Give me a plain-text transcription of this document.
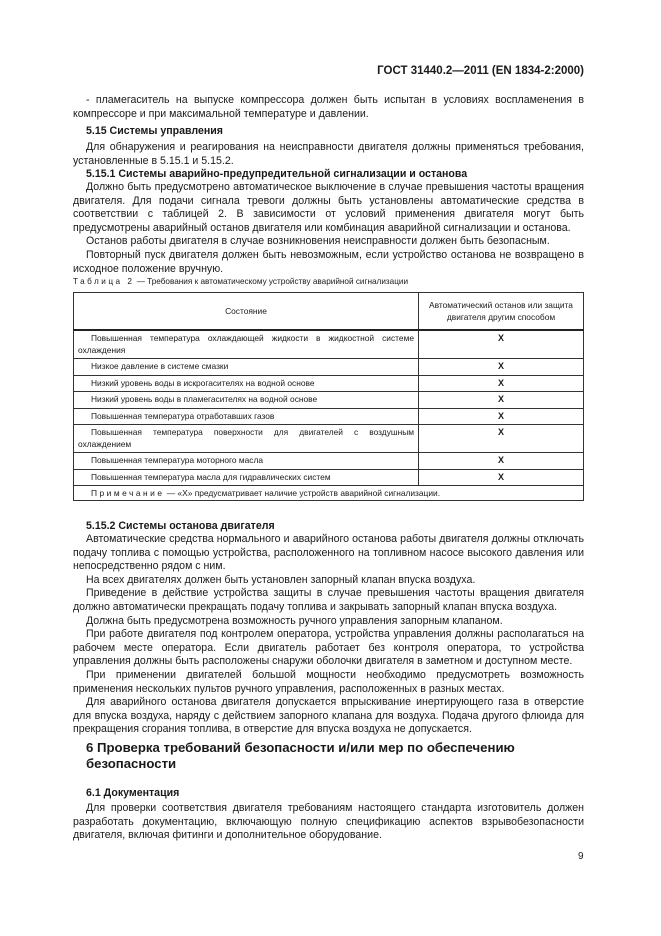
ГОСТ 31440.2—2011 (EN 1834-2:2000)

- пламегаситель на выпуске компрессора должен быть испытан в условиях воспламенения в компрессоре и при максимальной температуре и давлении.

5.15 Системы управления

Для обнаружения и реагирования на неисправности двигателя должны применяться требования, установленные в 5.15.1 и 5.15.2.

5.15.1 Системы аварийно-предупредительной сигнализации и останова

Должно быть предусмотрено автоматическое выключение в случае превышения частоты вращения двигателя. Для подачи сигнала тревоги должны быть установлены автоматические средства в соответствии с таблицей 2. В зависимости от условий применения двигателя могут быть предусмотрены аварийный останов двигателя или комбинация аварийной сигнализации и останова.

Останов работы двигателя в случае возникновения неисправности должен быть безопасным.

Повторный пуск двигателя должен быть невозможным, если устройство останова не возвращено в исходное положение вручную.

Таблица 2 — Требования к автоматическому устройству аварийной сигнализации
Состояние	Автоматический останов или защита двигателя другим способом
Повышенная температура охлаждающей жидкости в жидкостной системе охлаждения	X
Низкое давление в системе смазки	X
Низкий уровень воды в искрогасителях на водной основе	X
Низкий уровень воды в пламегасителях на водной основе	X
Повышенная температура отработавших газов	X
Повышенная температура поверхности для двигателей с воздушным охлаждением	X
Повышенная температура моторного масла	X
Повышенная температура масла для гидравлических систем	X
Примечание — «X» предусматривает наличие устройств аварийной сигнализации.	

5.15.2 Системы останова двигателя

Автоматические средства нормального и аварийного останова работы двигателя должны отключать подачу топлива с помощью устройства, расположенного на топливном насосе высокого давления или непосредственно рядом с ним.

На всех двигателях должен быть установлен запорный клапан впуска воздуха.

Приведение в действие устройства защиты в случае превышения частоты вращения двигателя должно автоматически прекращать подачу топлива и закрывать запорный клапан впуска воздуха.

Должна быть предусмотрена возможность ручного управления запорным клапаном.

При работе двигателя под контролем оператора, устройства управления должны располагаться на рабочем месте оператора. Если двигатель работает без контроля оператора, то устройства управления должны быть расположены снаружи оболочки двигателя в заметном и доступном месте.

При применении двигателей большой мощности необходимо предусмотреть возможность применения нескольких пультов ручного управления, расположенных в разных местах.

Для аварийного останова двигателя допускается впрыскивание инертирующего газа в отверстие для впуска воздуха, наряду с действием запорного клапана для воздуха. Подача другого флюида для прекращения сгорания топлива, в отверстие для впуска воздуха не допускается.

6 Проверка требований безопасности и/или мер по обеспечению безопасности

6.1 Документация

Для проверки соответствия двигателя требованиям настоящего стандарта изготовитель должен разработать документацию, включающую полную спецификацию аспектов взрывобезопасности двигателя, включая фитинги и дополнительное оборудование.

9
